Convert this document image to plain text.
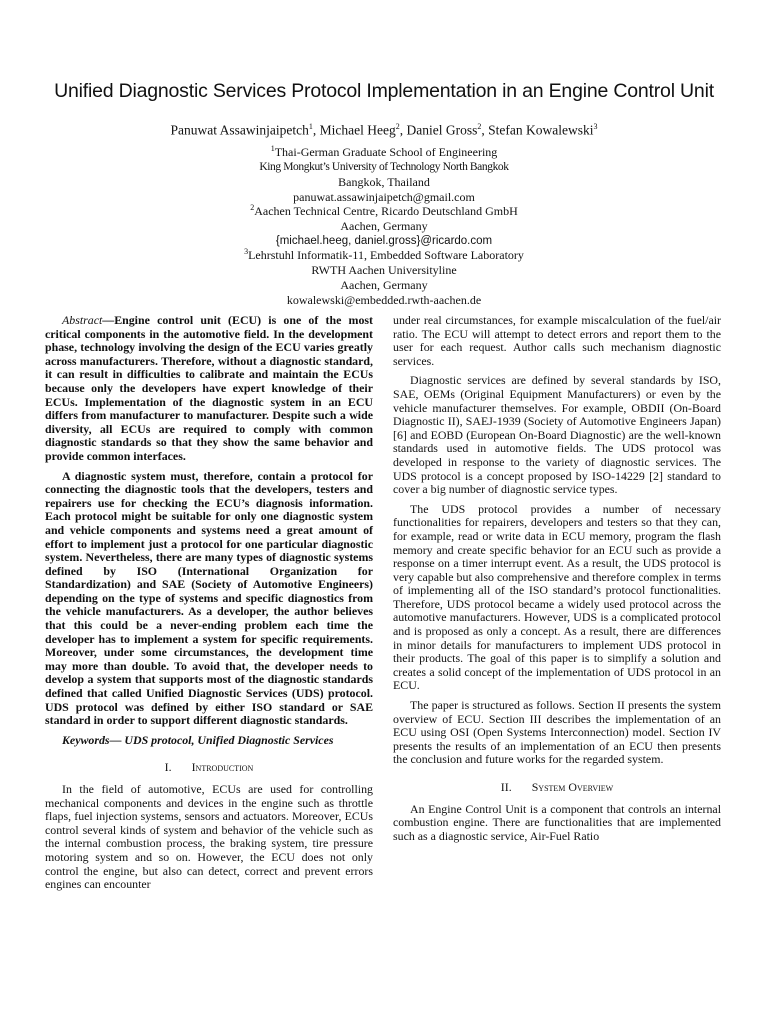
Unified Diagnostic Services Protocol Implementation in an Engine Control Unit
Panuwat Assawinjaipetch$^1$, Michael Heeg$^2$, Daniel Gross$^2$, Stefan Kowalewski$^3$
$^1$Thai-German Graduate School of Engineering
King Mongkut’s University of Technology North Bangkok
Bangkok, Thailand
panuwat.assawinjaipetch@gmail.com
$^2$Aachen Technical Centre, Ricardo Deutschland GmbH
Aachen, Germany
{michael.heeg, daniel.gross}@ricardo.com
$^3$Lehrstuhl Informatik-11, Embedded Software Laboratory
RWTH Aachen Universityline
Aachen, Germany
kowalewski@embedded.rwth-aachen.de

Abstract—Engine control unit (ECU) is one of the most critical components in the automotive field. In the development phase, technology involving the design of the ECU varies greatly across manufacturers. Therefore, without a diagnostic standard, it can result in difficulties to calibrate and maintain the ECUs because only the developers have expert knowledge of their ECUs. Implementation of the diagnostic system in an ECU differs from manufacturer to manufacturer. Despite such a wide diversity, all ECUs are required to comply with common diagnostic standards so that they show the same behavior and provide common interfaces.

A diagnostic system must, therefore, contain a protocol for connecting the diagnostic tools that the developers, testers and repairers use for checking the ECU’s diagnosis information. Each protocol might be suitable for only one diagnostic system and vehicle components and systems need a great amount of effort to implement just a protocol for one particular diagnostic system. Nevertheless, there are many types of diagnostic systems defined by ISO (International Organization for Standardization) and SAE (Society of Automotive Engineers) depending on the type of systems and specific diagnostics from the vehicle manufacturers. As a developer, the author believes that this could be a never-ending problem each time the developer has to implement a system for specific requirements. Moreover, under some circumstances, the development time may more than double. To avoid that, the developer needs to develop a system that supports most of the diagnostic standards defined that called Unified Diagnostic Services (UDS) protocol. UDS protocol was defined by either ISO standard or SAE standard in order to support different diagnostic standards.

Keywords— UDS protocol, Unified Diagnostic Services

I. Introduction

In the field of automotive, ECUs are used for controlling mechanical components and devices in the engine such as throttle flaps, fuel injection systems, sensors and actuators. Moreover, ECUs control several kinds of system and behavior of the vehicle such as the internal combustion process, the braking system, tire pressure motoring system and so on. However, the ECU does not only control the engine, but also can detect, correct and prevent errors engines can encounter

under real circumstances, for example miscalculation of the fuel/air ratio. The ECU will attempt to detect errors and report them to the user for each request. Author calls such mechanism diagnostic services.

Diagnostic services are defined by several standards by ISO, SAE, OEMs (Original Equipment Manufacturers) or even by the vehicle manufacturer themselves. For example, OBDII (On-Board Diagnostic II), SAEJ-1939 (Society of Automotive Engineers Japan) [6] and EOBD (European On-Board Diagnostic) are the well-known standards used in automotive fields. The UDS protocol was developed in response to the variety of diagnostic services. The UDS protocol is a concept proposed by ISO-14229 [2] standard to cover a big number of diagnostic service types.

The UDS protocol provides a number of necessary functionalities for repairers, developers and testers so that they can, for example, read or write data in ECU memory, program the flash memory and create specific behavior for an ECU such as provide a response on a timer interrupt event. As a result, the UDS protocol is very capable but also comprehensive and therefore complex in terms of implementing all of the ISO standard’s protocol functionalities. Therefore, UDS protocol became a widely used protocol across the automotive manufacturers. However, UDS is a complicated protocol and is proposed as only a concept. As a result, there are differences in minor details for manufacturers to implement UDS protocol in their products. The goal of this paper is to simplify a solution and creates a solid concept of the implementation of UDS protocol in an ECU.

The paper is structured as follows. Section II presents the system overview of ECU. Section III describes the implementation of an ECU using OSI (Open Systems Interconnection) model. Section IV presents the results of an implementation of an ECU then presents the conclusion and future works for the regarded system.

II. System Overview

An Engine Control Unit is a component that controls an internal combustion engine. There are functionalities that are implemented such as a diagnostic service, Air-Fuel Ratio
